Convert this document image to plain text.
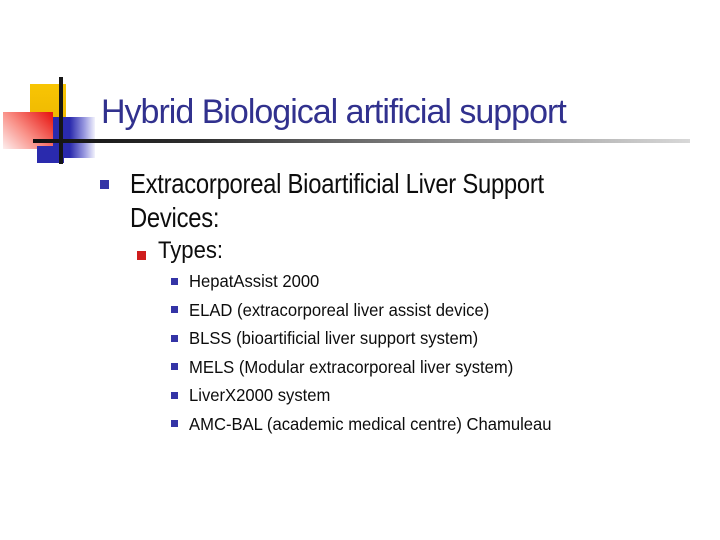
Hybrid Biological artificial support
Extracorporeal Bioartificial Liver Support
Devices:
Types:
HepatAssist 2000
ELAD (extracorporeal liver assist device)
BLSS (bioartificial liver support system)
MELS (Modular extracorporeal liver system)
LiverX2000 system
AMC-BAL (academic medical centre) Chamuleau
